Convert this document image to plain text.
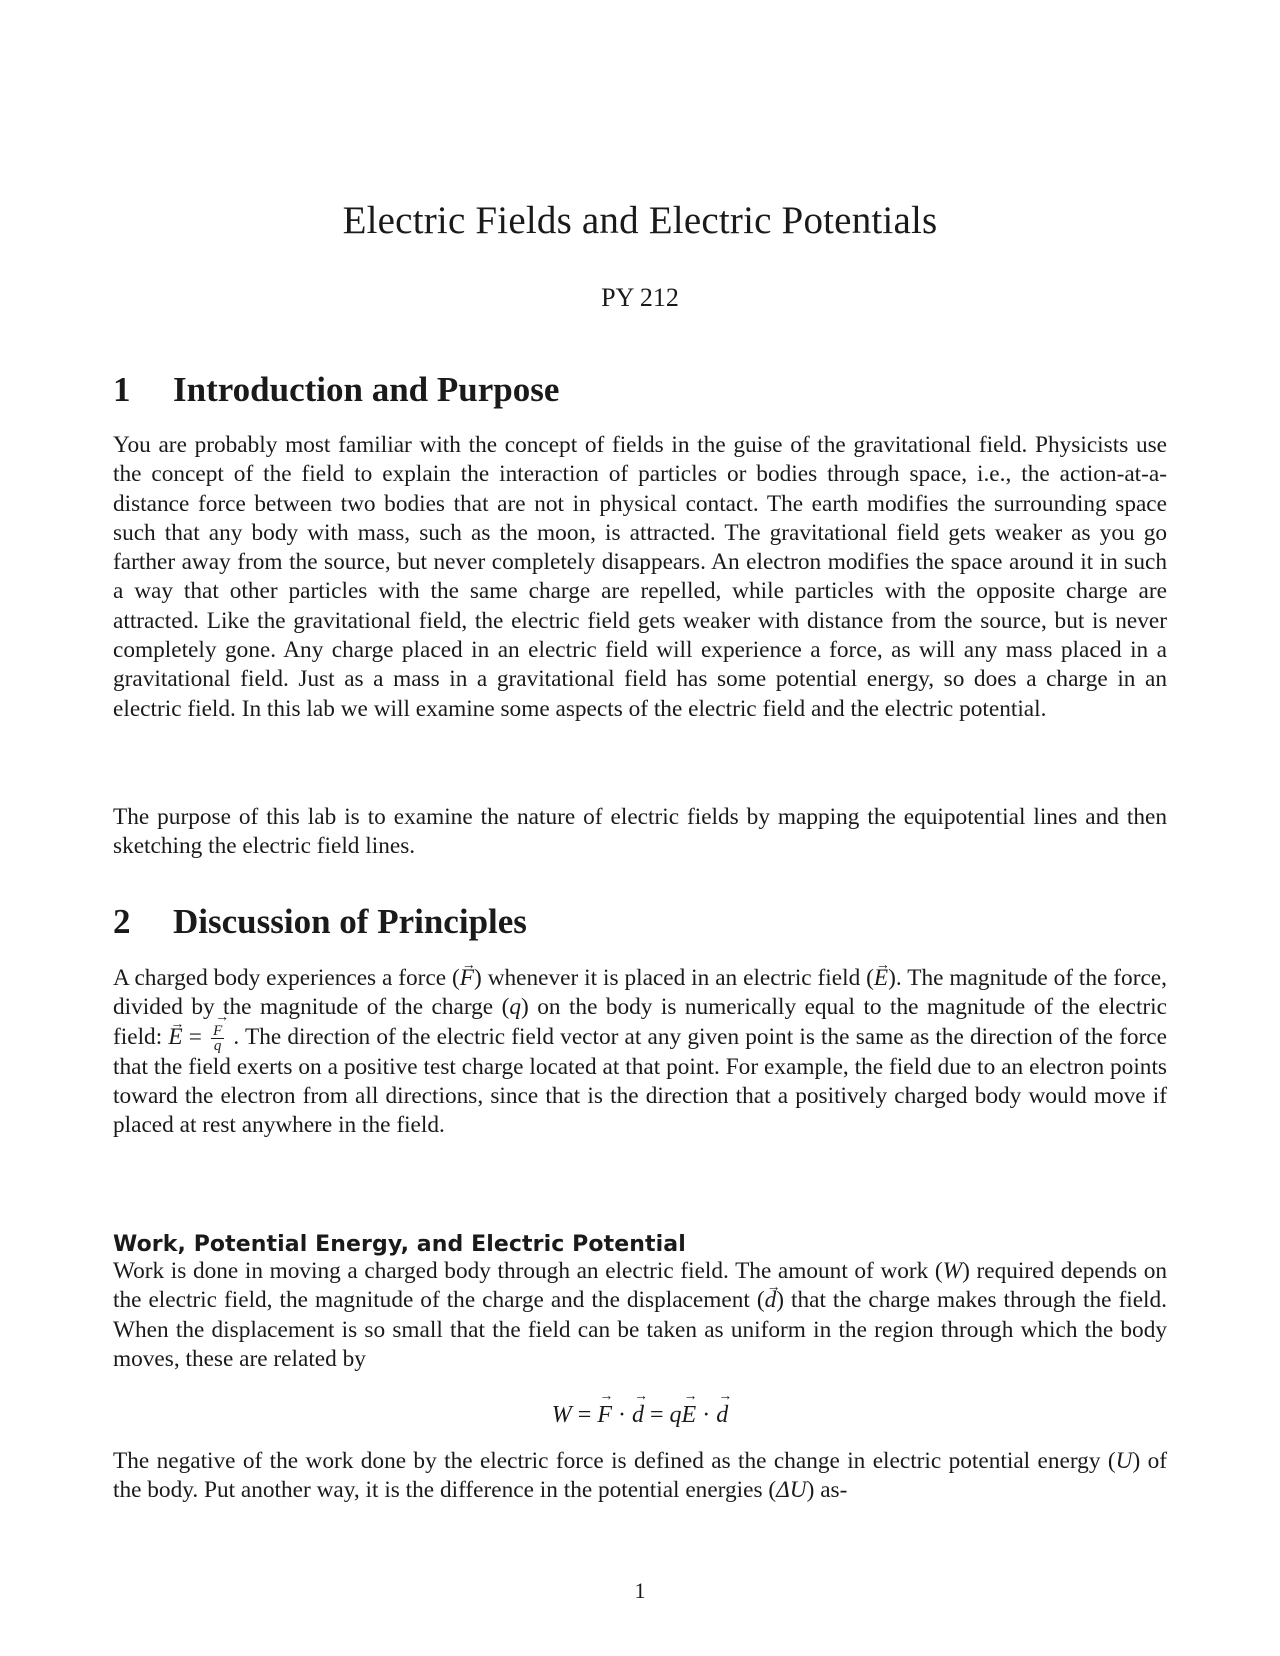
Electric Fields and Electric Potentials
PY 212
1 Introduction and Purpose

You are probably most familiar with the concept of fields in the guise of the gravitational field. Physicists use the concept of the field to explain the interaction of particles or bodies through space, i.e., the action-at-a-distance force between two bodies that are not in physical contact. The earth modifies the surrounding space such that any body with mass, such as the moon, is attracted. The gravitational field gets weaker as you go farther away from the source, but never completely disappears. An electron modifies the space around it in such a way that other particles with the same charge are repelled, while particles with the opposite charge are attracted. Like the gravitational field, the electric field gets weaker with distance from the source, but is never completely gone. Any charge placed in an electric field will experience a force, as will any mass placed in a gravitational field. Just as a mass in a gravitational field has some potential energy, so does a charge in an electric field. In this lab we will examine some aspects of the electric field and the electric potential.

The purpose of this lab is to examine the nature of electric fields by mapping the equipotential lines and then sketching the electric field lines.

2 Discussion of Principles

A charged body experiences a force (→ F) whenever it is placed in an electric field (→ E). The magnitude of the force, divided by the magnitude of the charge (q) on the body is numerically equal to the magnitude of the electric field: → E =
→ $\frac{F}{q}$ . The direction of the electric field vector at any given point is the same as the direction of the force that the field exerts on a positive test charge located at that point. For example, the field due to an electron points toward the electron from all directions, since that is the direction that a positively charged body would move if placed at rest anywhere in the field.

Work, Potential Energy, and Electric Potential

Work is done in moving a charged body through an electric field. The amount of work (W) required depends on the electric field, the magnitude of the charge and the displacement (→ d) that the charge makes through the field. When the displacement is so small that the field can be taken as uniform in the region through which the body moves, these are related by

W = → F · → d = q→ E · → d

The negative of the work done by the electric force is defined as the change in electric potential energy (U) of the body. Put another way, it is the difference in the potential energies (ΔU) as-

1
